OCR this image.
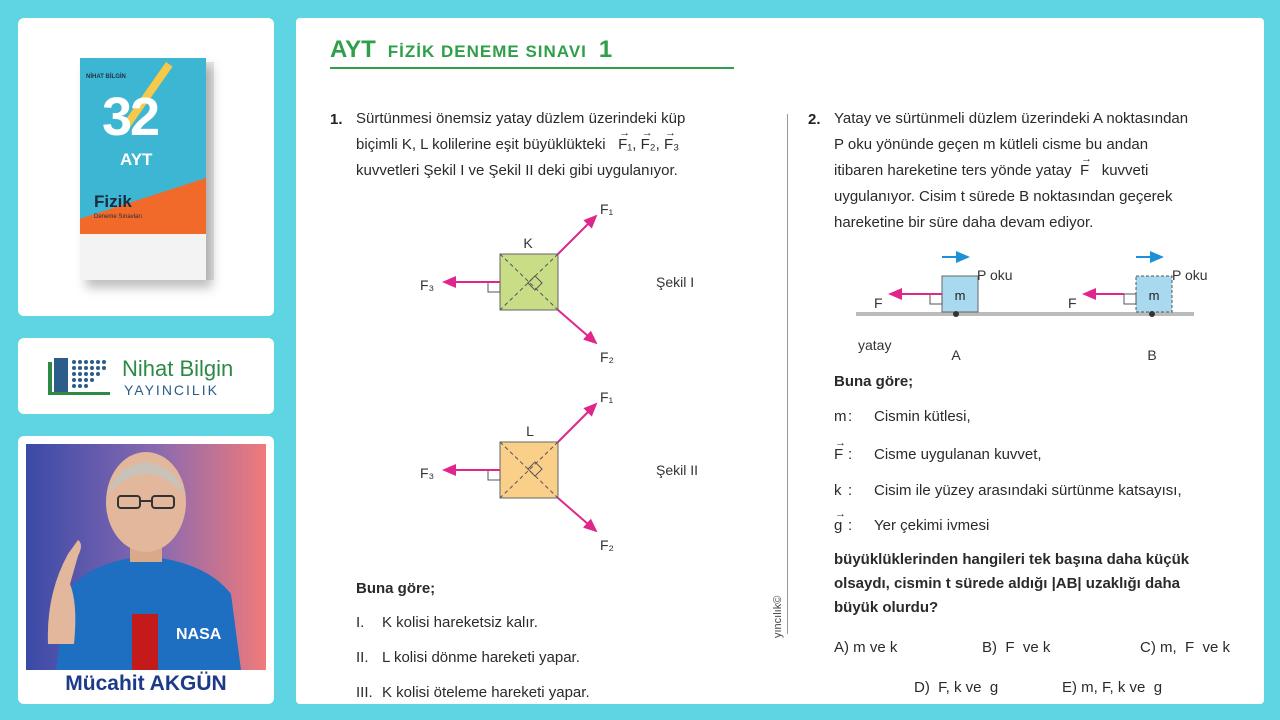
NİHAT BİLGİN
32
AYT
Fizik
Deneme Sınavları
Nihat Bilgin
YAYINCILIK
NASA
Mücahit AKGÜN
AYT FİZİK DENEME SINAVI 1
1. Sürtünmesi önemsiz yatay düzlem üzerindeki küp
biçimli K, L kolilerine eşit büyüklükteki → F₁, → F₂, → F₃
kuvvetleri Şekil I ve Şekil II deki gibi uygulanıyor.
K
F₁
F₂
F₃	Şekil I
L
F₁
F₂
F₃	Şekil II
Buna göre;
I. K kolisi hareketsiz kalır.
II. L kolisi dönme hareketi yapar.
III. K kolisi öteleme hareketi yapar.
yıncılık©
2. Yatay ve sürtünmeli düzlem üzerindeki A noktasından
P oku yönünde geçen m kütleli cisme bu andan
itibaren hareketine ters yönde yatay → F kuvveti
uygulanıyor. Cisim t sürede B noktasından geçerek
hareketine bir süre daha devam ediyor.
P oku	P oku
m	m
F	F
yatay
A	B
Buna göre;
m : Cismin kütlesi,
→ F : Cisme uygulanan kuvvet,
k : Cisim ile yüzey arasındaki sürtünme katsayısı,
→ g : Yer çekimi ivmesi
büyüklüklerinden hangileri tek başına daha küçük
olsaydı, cismin t sürede aldığı |AB| uzaklığı daha
büyük olurdu?
A) m ve k	B) F ve k	C) m, F ve k
D) F, k ve g	E) m, F, k ve g
